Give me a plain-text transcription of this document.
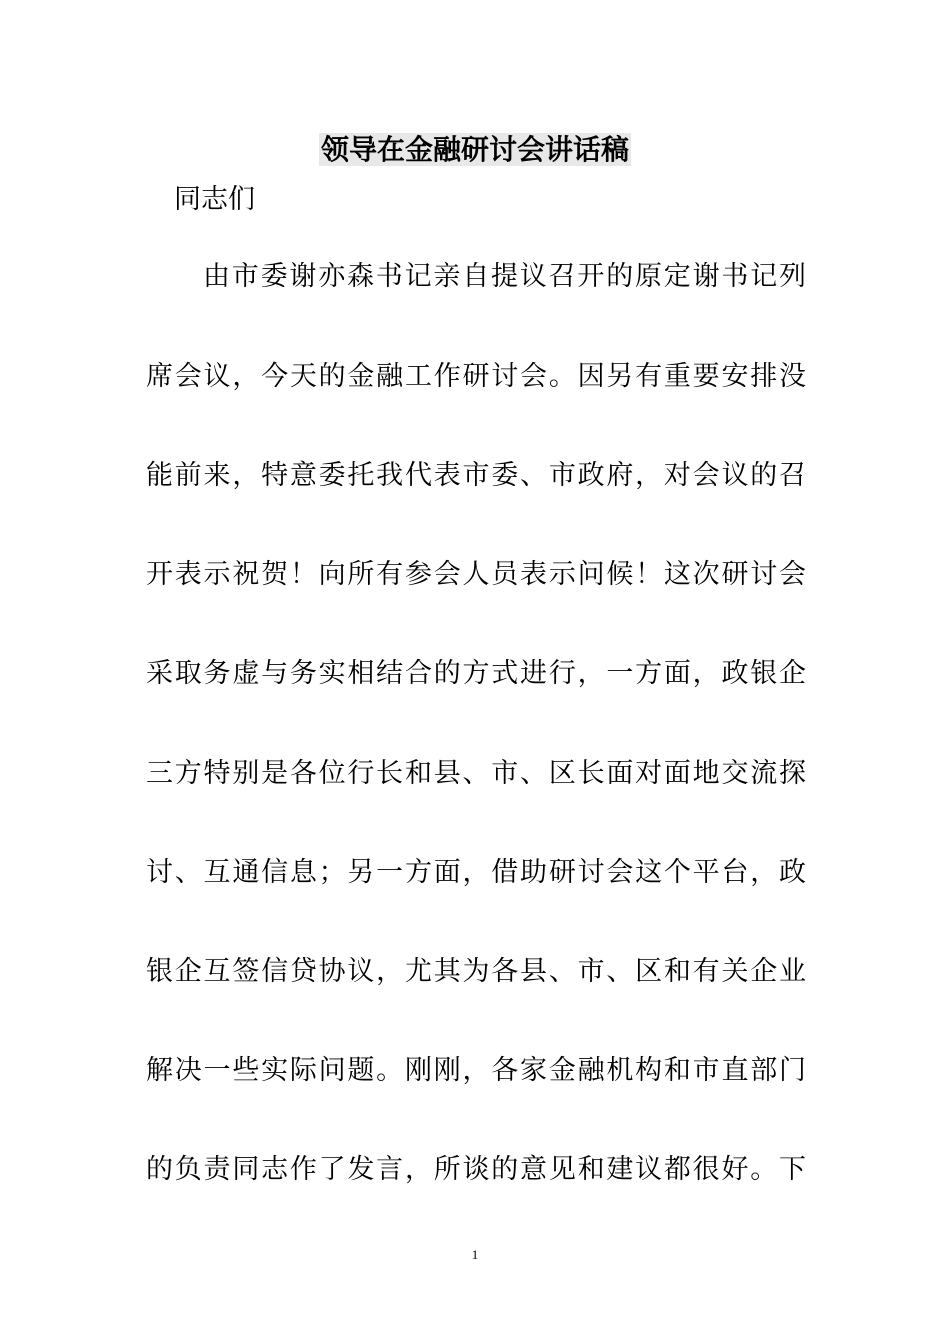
领导在金融研讨会讲话稿
同志们
由市委谢亦森书记亲自提议召开的原定谢书记列
席会议，今天的金融工作研讨会。因另有重要安排没
能前来，特意委托我代表市委、市政府，对会议的召
开表示祝贺！向所有参会人员表示问候！这次研讨会
采取务虚与务实相结合的方式进行，一方面，政银企
三方特别是各位行长和县、市、区长面对面地交流探
讨、互通信息；另一方面，借助研讨会这个平台，政
银企互签信贷协议，尤其为各县、市、区和有关企业
解决一些实际问题。刚刚，各家金融机构和市直部门
的负责同志作了发言，所谈的意见和建议都很好。下
1
